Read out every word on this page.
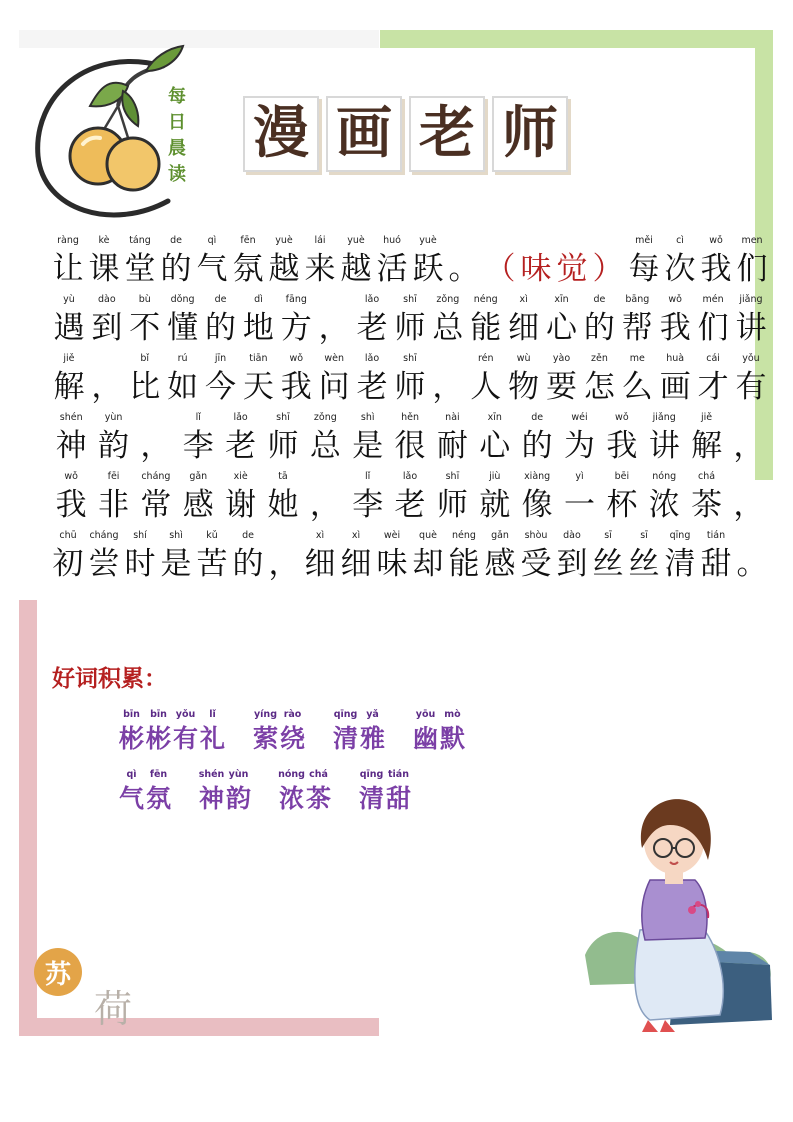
每
日
晨
读
漫 画 老 师
ràng
让
kè
课
táng
堂
de
的
qì
气
fēn
氛
yuè
越
lái
来
yuè
越
huó
活
yuè
跃 。 （ 味 觉 ）
měi
每
cì
次
wǒ
我
men
们
yù
遇
dào
到
bù
不
dǒng
懂
de
的
dì
地
fāng
方 ，
lǎo
老
shī
师
zǒng
总
néng
能
xì
细
xīn
心
de
的
bāng
帮
wǒ
我
mén
们
jiǎng
讲
jiě
解 ，
bǐ
比
rú
如
jīn
今
tiān
天
wǒ
我
wèn
问
lǎo
老
shī
师 ，
rén
人
wù
物
yào
要
zěn
怎
me
么
huà
画
cái
才
yǒu
有
shén
神
yùn
韵 ，
lǐ
李
lǎo
老
shī
师
zǒng
总
shì
是
hěn
很
nài
耐
xīn
心
de
的
wéi
为
wǒ
我
jiǎng
讲
jiě
解 ，
wǒ
我
fēi
非
cháng
常
gǎn
感
xiè
谢
tā
她 ，
lǐ
李
lǎo
老
shī
师
jiù
就
xiàng
像
yì
一
bēi
杯
nóng
浓
chá
茶 ，
chū
初
cháng
尝
shí
时
shì
是
kǔ
苦
de
的 ，
xì
细
xì
细
wèi
味
què
却
néng
能
gǎn
感
shòu
受
dào
到
sī
丝
sī
丝
qīng
清
tián
甜 。
好词积累：
bīn
彬
bīn
彬
yǒu
有
lǐ
礼
yíng
萦
rào
绕
qīng
清
yǎ
雅
yōu
幽
mò
默
qì
气
fēn
氛
shén
神
yùn
韵
nóng
浓
chá
茶
qīng
清
tián
甜
苏
荷
